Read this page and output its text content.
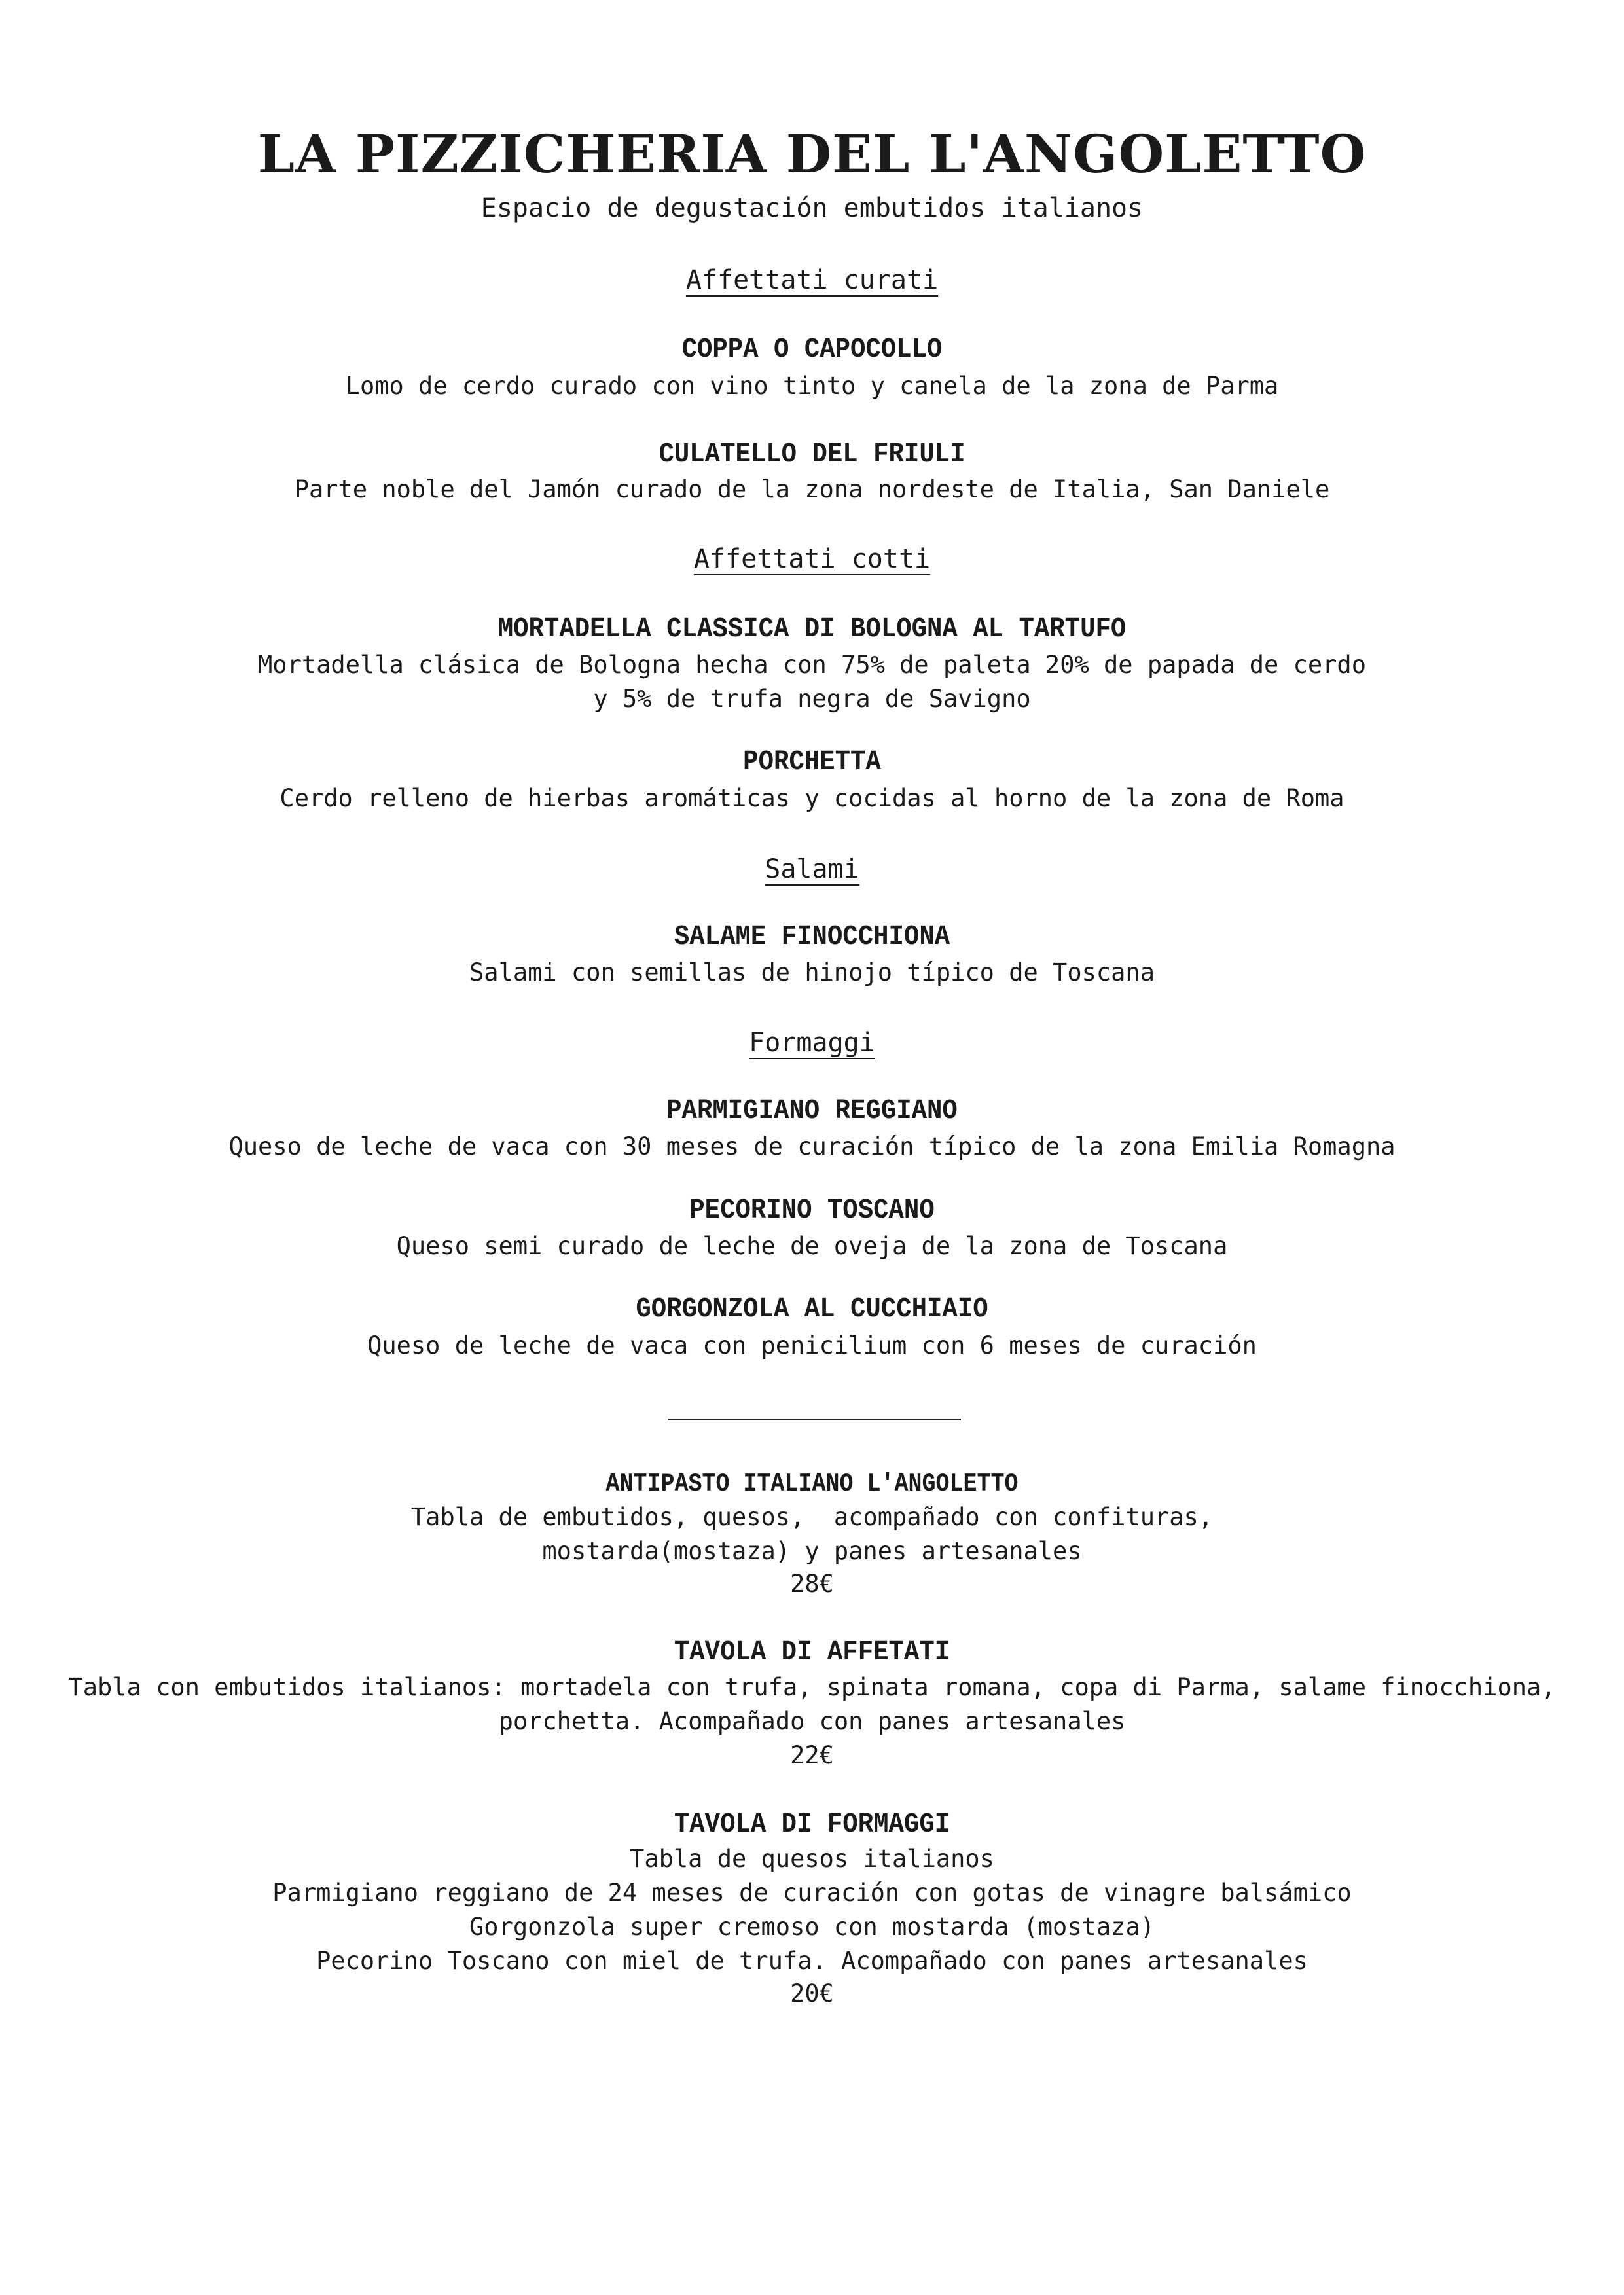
LA PIZZICHERIA DEL L'ANGOLETTO
Espacio de degustación embutidos italianos
Affettati curati
COPPA O CAPOCOLLO
Lomo de cerdo curado con vino tinto y canela de la zona de Parma
CULATELLO DEL FRIULI
Parte noble del Jamón curado de la zona nordeste de Italia, San Daniele
Affettati cotti
MORTADELLA CLASSICA DI BOLOGNA AL TARTUFO
Mortadella clásica de Bologna hecha con 75% de paleta 20% de papada de cerdo
y 5% de trufa negra de Savigno
PORCHETTA
Cerdo relleno de hierbas aromáticas y cocidas al horno de la zona de Roma
Salami
SALAME FINOCCHIONA
Salami con semillas de hinojo típico de Toscana
Formaggi
PARMIGIANO REGGIANO
Queso de leche de vaca con 30 meses de curación típico de la zona Emilia Romagna
PECORINO TOSCANO
Queso semi curado de leche de oveja de la zona de Toscana
GORGONZOLA AL CUCCHIAIO
Queso de leche de vaca con penicilium con 6 meses de curación
ANTIPASTO ITALIANO L'ANGOLETTO
Tabla de embutidos, quesos,  acompañado con confituras,
mostarda(mostaza) y panes artesanales
28€
TAVOLA DI AFFETATI
Tabla con embutidos italianos: mortadela con trufa, spinata romana, copa di Parma, salame finocchiona,
porchetta. Acompañado con panes artesanales
22€
TAVOLA DI FORMAGGI
Tabla de quesos italianos
Parmigiano reggiano de 24 meses de curación con gotas de vinagre balsámico
Gorgonzola super cremoso con mostarda (mostaza)
Pecorino Toscano con miel de trufa. Acompañado con panes artesanales
20€
